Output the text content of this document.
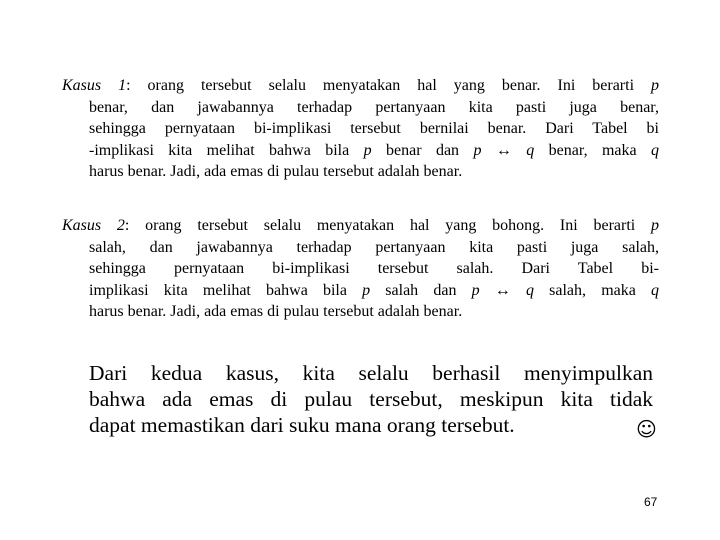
Kasus 1: orang tersebut selalu menyatakan hal yang benar. Ini berarti p
benar, dan jawabannya terhadap pertanyaan kita pasti juga benar,
sehingga pernyataan bi-implikasi tersebut bernilai benar. Dari Tabel bi
-implikasi kita melihat bahwa bila p benar dan p ↔ q benar, maka q
harus benar. Jadi, ada emas di pulau tersebut adalah benar.
Kasus 2: orang tersebut selalu menyatakan hal yang bohong. Ini berarti p
salah, dan jawabannya terhadap pertanyaan kita pasti juga salah,
sehingga pernyataan bi-implikasi tersebut salah. Dari Tabel bi-
implikasi kita melihat bahwa bila p salah dan p ↔ q salah, maka q
harus benar. Jadi, ada emas di pulau tersebut adalah benar.
Dari kedua kasus, kita selalu berhasil menyimpulkan
bahwa ada emas di pulau tersebut, meskipun kita tidak
dapat memastikan dari suku mana orang tersebut.	☺
67
